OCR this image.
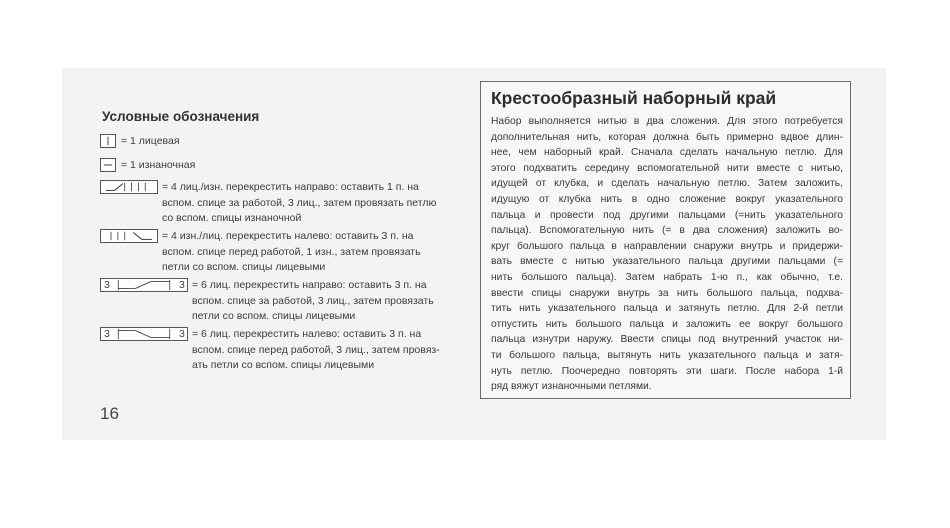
Условные обозначения
= 1 лицевая
= 1 изнаночная
= 4 лиц./изн. перекрестить направо: оставить 1 п. на
вспом. спице за работой, 3 лиц., затем провязать петлю
со вспом. спицы изнаночной
= 4 изн./лиц. перекрестить налево: оставить 3 п. на
вспом. спице перед работой, 1 изн., затем провязать
петли со вспом. спицы лицевыми
3	3 = 6 лиц. перекрестить направо: оставить 3 п. на
вспом. спице за работой, 3 лиц., затем провязать
петли со вспом. спицы лицевыми
3	3 = 6 лиц. перекрестить налево: оставить 3 п. на
вспом. спице перед работой, 3 лиц., затем провяз-
ать петли со вспом. спицы лицевыми
16
Крестообразный наборный край
Набор выполняется нитью в два сложения. Для этого потребуется
дополнительная нить, которая должна быть примерно вдвое длин-
нее, чем наборный край. Сначала сделать начальную петлю. Для
этого подхватить середину вспомогательной нити вместе с нитью,
идущей от клубка, и сделать начальную петлю. Затем заложить,
идущую от клубка нить в одно сложение вокруг указательного
пальца и провести под другими пальцами (=нить указательного
пальца). Вспомогательную нить (= в два сложения) заложить во-
круг большого пальца в направлении снаружи внутрь и придержи-
вать вместе с нитью указательного пальца другими пальцами (=
нить большого пальца). Затем набрать 1-ю п., как обычно, т.е.
ввести спицы снаружи внутрь за нить большого пальца, подхва-
тить нить указательного пальца и затянуть петлю. Для 2-й петли
отпустить нить большого пальца и заложить ее вокруг большого
пальца изнутри наружу. Ввести спицы под внутренний участок ни-
ти большого пальца, вытянуть нить указательного пальца и затя-
нуть петлю. Поочередно повторять эти шаги. После набора 1-й
ряд вяжут изнаночными петлями.
